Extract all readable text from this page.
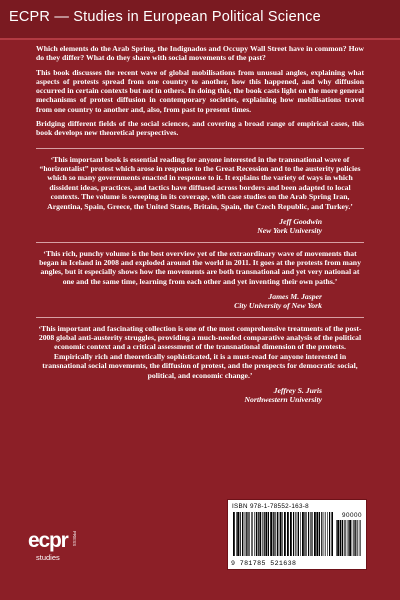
ECPR — Studies in European Political Science

Which elements do the Arab Spring, the Indignados and Occupy Wall Street have in common? How do they differ? What do they share with social movements of the past?

This book discusses the recent wave of global mobilisations from unusual angles, explaining what aspects of protests spread from one country to another, how this happened, and why diffusion occurred in certain contexts but not in others. In doing this, the book casts light on the more general mechanisms of protest diffusion in contemporary societies, explaining how mobilisations travel from one country to another and, also, from past to present times.

Bridging different fields of the social sciences, and covering a broad range of empirical cases, this book develops new theoretical perspectives.

‘This important book is essential reading for anyone interested in the transnational wave of “horizontalist” protest which arose in response to the Great Recession and to the austerity policies which so many governments enacted in response to it. It explains the variety of ways in which dissident ideas, practices, and tactics have diffused across borders and been adapted to local contexts. The volume is sweeping in its coverage, with case studies on the Arab Spring Iran, Argentina, Spain, Greece, the United States, Britain, Spain, the Czech Republic, and Turkey.’

Jeff Goodwin
New York University

‘This rich, punchy volume is the best overview yet of the extraordinary wave of movements that began in Iceland in 2008 and exploded around the world in 2011. It goes at the protests from many angles, but it especially shows how the movements are both transnational and yet very national at one and the same time, learning from each other and yet inventing their own paths.’

James M. Jasper
City University of New York

‘This important and fascinating collection is one of the most comprehensive treatments of the post-2008 global anti-austerity struggles, providing a much-needed comparative analysis of the political economic context and a critical assessment of the transnational dimension of the protests. Empirically rich and theoretically sophisticated, it is a must-read for anyone interested in transnational social movements, the diffusion of protest, and the prospects for democratic social, political, and economic change.’

Jeffrey S. Juris
Northwestern University
ecpr PRESS
studies
ISBN 978-1-78552-163-8
90000
9 781785 521638
